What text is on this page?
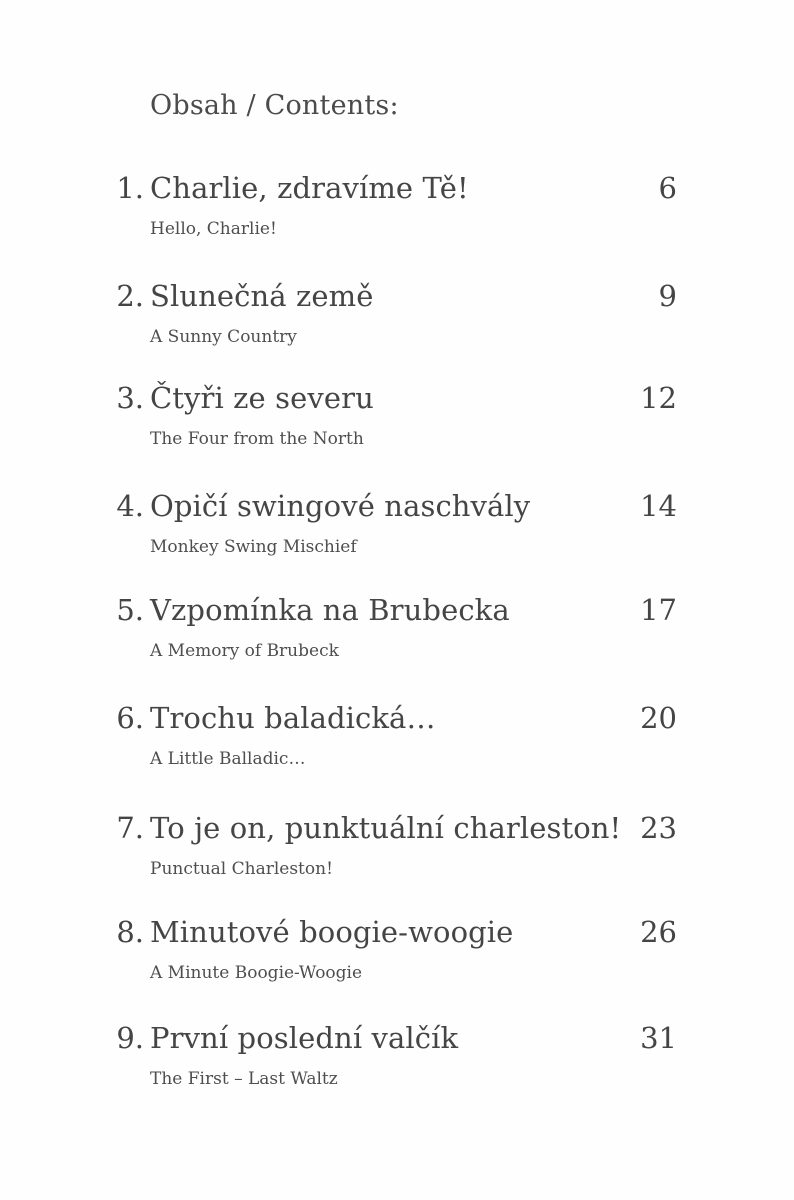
Obsah / Contents:
1. Charlie, zdravíme Tě!	6
Hello, Charlie!
2. Slunečná země	9
A Sunny Country
3. Čtyři ze severu	12
The Four from the North
4. Opičí swingové naschvály	14
Monkey Swing Mischief
5. Vzpomínka na Brubecka	17
A Memory of Brubeck
6. Trochu baladická…	20
A Little Balladic…
7. To je on, punktuální charleston! 23
Punctual Charleston!
8. Minutové boogie-woogie	26
A Minute Boogie-Woogie
9. První poslední valčík	31
The First – Last Waltz
